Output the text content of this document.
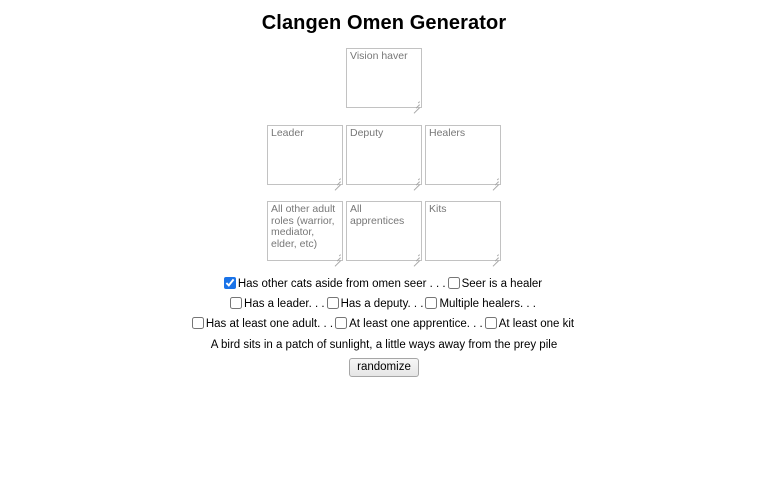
Clangen Omen Generator
Vision haver
Leader
Deputy
Healers
All other adult roles (warrior, mediator, elder, etc)
All apprentices
Kits
Has other cats aside from omen seer . . . Seer is a healer
Has a leader. . . Has a deputy. . . Multiple healers. . .
Has at least one adult. . . At least one apprentice. . . At least one kit
A bird sits in a patch of sunlight, a little ways away from the prey pile
randomize
